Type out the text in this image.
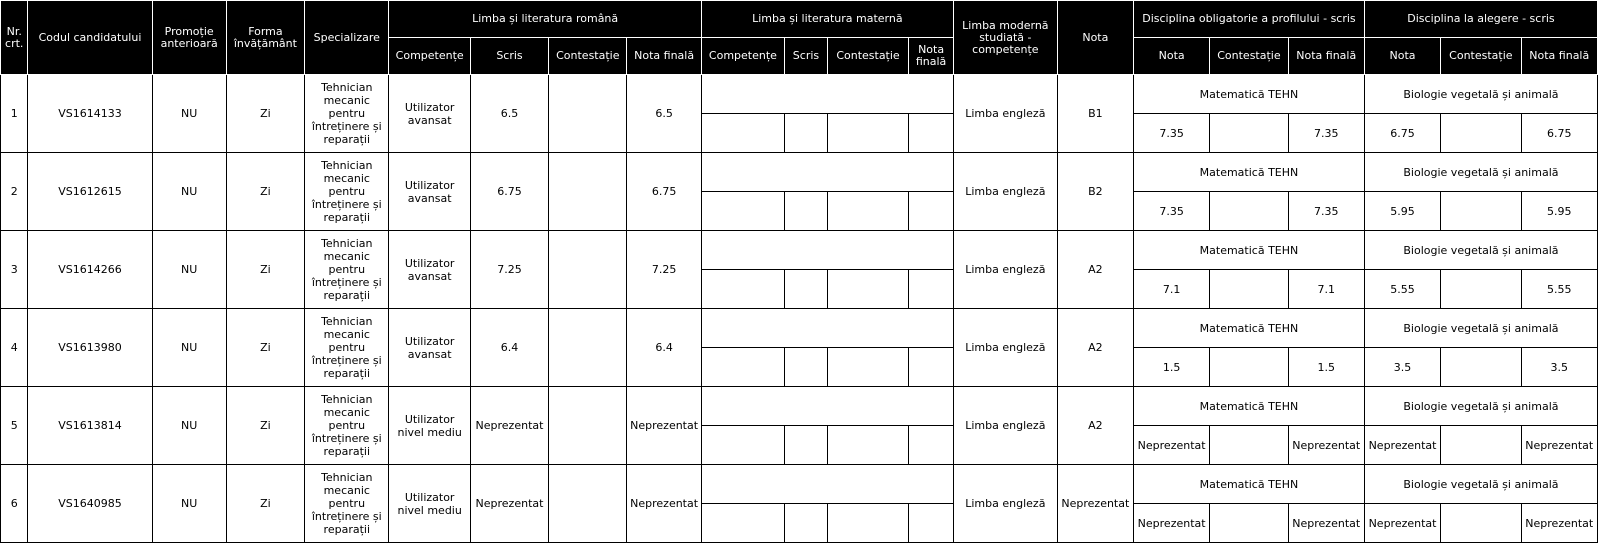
Nr. crt.	Codul candidatului	Promoție anterioară	Forma învățământ	Specializare	Limba și literatura română				Limba și literatura maternă				Limba modernă studiată - competențe	Nota	Disciplina obligatorie a profilului - scris			Disciplina la alegere - scris		
					Competențe	Scris	Contestație	Nota finală	Competențe	Scris	Contestație	Nota finală			Nota	Contestație	Nota finală	Nota	Contestație	Nota finală
1	VS1614133	NU	Zi	Tehnician mecanic pentru întreținere și reparații	Utilizator avansat	6.5		6.5					Limba engleză	B1	Matematică TEHN			Biologie vegetală și animală		
															7.35		7.35	6.75		6.75
2	VS1612615	NU	Zi	Tehnician mecanic pentru întreținere și reparații	Utilizator avansat	6.75		6.75					Limba engleză	B2	Matematică TEHN			Biologie vegetală și animală		
															7.35		7.35	5.95		5.95
3	VS1614266	NU	Zi	Tehnician mecanic pentru întreținere și reparații	Utilizator avansat	7.25		7.25					Limba engleză	A2	Matematică TEHN			Biologie vegetală și animală		
															7.1		7.1	5.55		5.55
4	VS1613980	NU	Zi	Tehnician mecanic pentru întreținere și reparații	Utilizator avansat	6.4		6.4					Limba engleză	A2	Matematică TEHN			Biologie vegetală și animală		
															1.5		1.5	3.5		3.5
5	VS1613814	NU	Zi	Tehnician mecanic pentru întreținere și reparații	Utilizator nivel mediu	Neprezentat		Neprezentat					Limba engleză	A2	Matematică TEHN			Biologie vegetală și animală		
															Neprezentat		Neprezentat	Neprezentat		Neprezentat
6	VS1640985	NU	Zi	Tehnician mecanic pentru întreținere și reparații	Utilizator nivel mediu	Neprezentat		Neprezentat					Limba engleză	Neprezentat	Matematică TEHN			Biologie vegetală și animală		
															Neprezentat		Neprezentat	Neprezentat		Neprezentat
